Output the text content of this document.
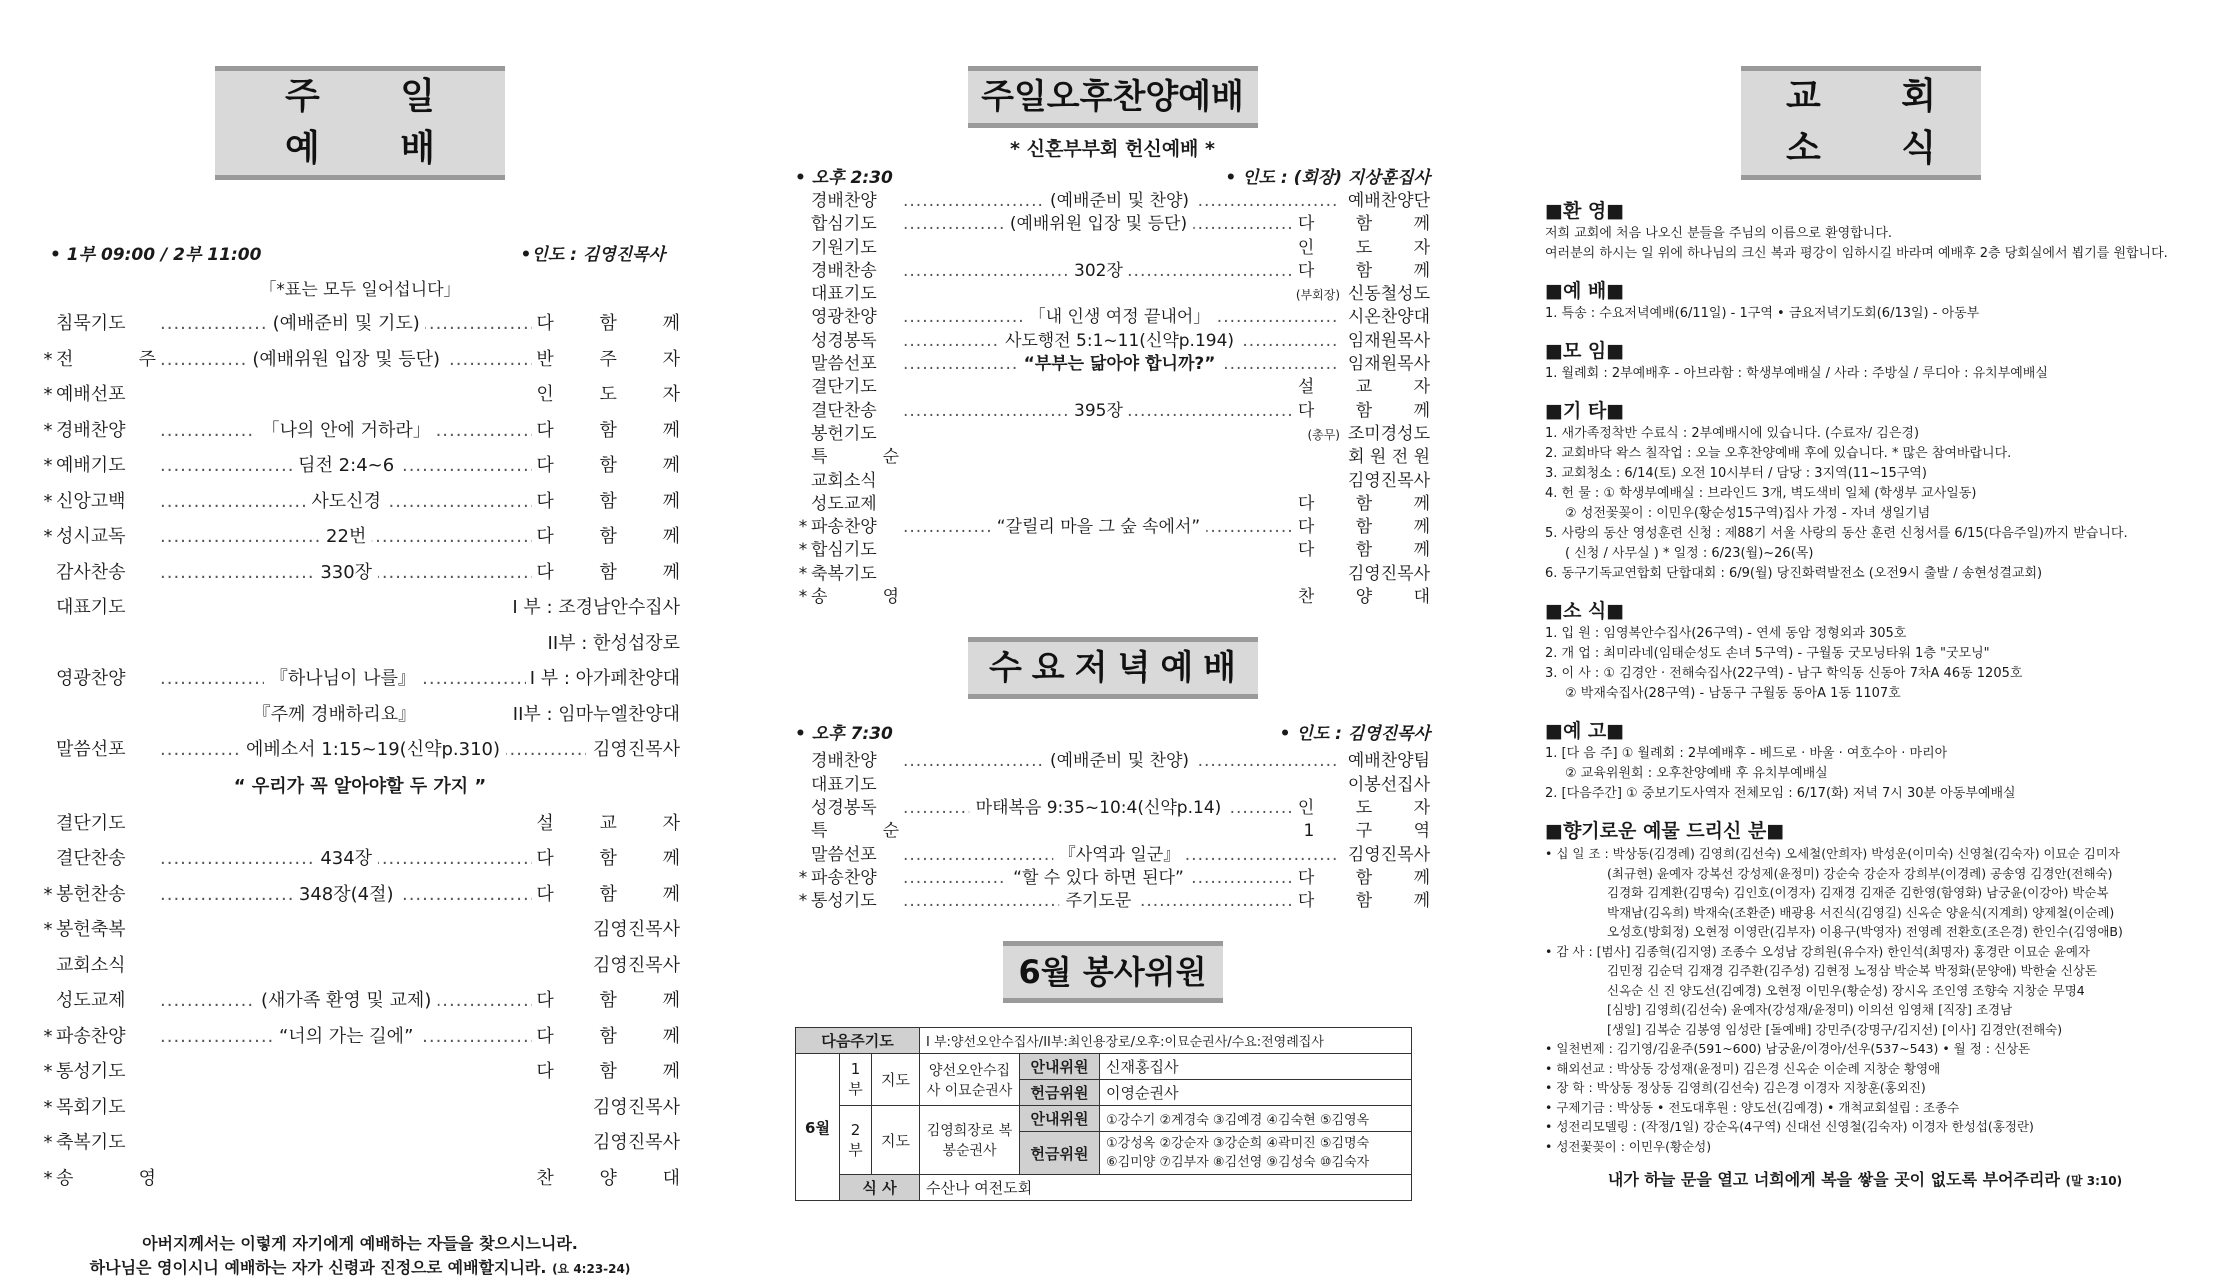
주 일 예 배
• 1부 09:00 / 2부 11:00	•인도 : 김영진목사
「*표는 모두 일어섭니다」
침묵기도	..... (예배준비 및 기도)	다 함 께
* 전 주	..... (예배위원 입장 및 등단)	반 주 자
* 예배선포	인 도 자
* 경배찬양	..... 「나의 안에 거하라」	다 함 께
* 예배기도	..... 딤전 2:4~6	다 함 께
* 신앙고백	..... 사도신경	다 함 께
* 성시교독	..... 22번	다 함 께
감사찬송	..... 330장	다 함 께
대표기도	I 부 : 조경남안수집사
II부 : 한성섭장로
영광찬양	..... 『하나님이 나를』	I 부 : 아가페찬양대
『주께 경배하리요』	II부 : 임마누엘찬양대
말씀선포	..... 에베소서 1:15~19(신약p.310)	김영진목사
“ 우리가 꼭 알아야할 두 가지 ”
결단기도	설 교 자
결단찬송	..... 434장	다 함 께
* 봉헌찬송	..... 348장(4절)	다 함 께
* 봉헌축복	김영진목사
교회소식	김영진목사
성도교제	..... (새가족 환영 및 교제)	다 함 께
* 파송찬양	..... “너의 가는 길에”	다 함 께
* 통성기도	다 함 께
* 목회기도	김영진목사
* 축복기도	김영진목사
* 송 영	찬 양 대
아버지께서는 이렇게 자기에게 예배하는 자들을 찾으시느니라.
하나님은 영이시니 예배하는 자가 신령과 진정으로 예배할지니라. (요 4:23-24)
주일오후찬양예배
* 신혼부부회 헌신예배 *
• 오후 2:30	• 인도 : (회장) 지상훈집사
경배찬양	..... (예배준비 및 찬양)	예배찬양단
합심기도	..... (예배위원 입장 및 등단)	다 함 께
기원기도	인 도 자
경배찬송	..... 302장	다 함 께
대표기도	(부회장) 신동철성도
영광찬양	..... 「내 인생 여정 끝내어」	시온찬양대
성경봉독	..... 사도행전 5:1~11(신약p.194)	임재원목사
말씀선포	..... “부부는 닮아야 합니까?”	임재원목사
결단기도	설 교 자
결단찬송	..... 395장	다 함 께
봉헌기도	(총무) 조미경성도
특 순	회 원 전 원
교회소식	김영진목사
성도교제	다 함 께
* 파송찬양	..... “갈릴리 마을 그 숲 속에서”	다 함 께
* 합심기도	다 함 께
* 축복기도	김영진목사
* 송 영	찬 양 대
수요저녁예배
• 오후 7:30	• 인도 : 김영진목사
경배찬양	..... (예배준비 및 찬양)	예배찬양팀
대표기도	이봉선집사
성경봉독	..... 마태복음 9:35~10:4(신약p.14)	인 도 자
특 순	1 구 역
말씀선포	..... 『사역과 일군』	김영진목사
* 파송찬양	..... “할 수 있다 하면 된다”	다 함 께
* 통성기도	..... 주기도문	다 함 께
6월 봉사위원
다음주기도			I 부:양선오안수집사/II부:최인용장로/오후:이묘순권사/수요:전영례집사		
6월	1부	지도	양선오안수집사 이묘순권사	안내위원	신재홍집사
				헌금위원	이영순권사
	2부	지도	김영희장로 복봉순권사	안내위원	①강수기 ②계경숙 ③김예경 ④김숙현 ⑤김영옥
				헌금위원	①강성옥 ②강순자 ③강순희 ④곽미진 ⑤김명숙
⑥김미양 ⑦김부자 ⑧김선영 ⑨김성숙 ⑩김숙자

	식 사		수산나 여전도회		
교 회 소 식
■환 영■
저희 교회에 처음 나오신 분들을 주님의 이름으로 환영합니다.
여러분의 하시는 일 위에 하나님의 크신 복과 평강이 임하시길 바라며 예배후 2층 당회실에서 뵙기를 원합니다.
■예 배■
1. 특송 : 수요저녁예배(6/11일) - 1구역 • 금요저녁기도회(6/13일) - 아동부
■모 임■
1. 월례회 : 2부예배후 - 아브라함 : 학생부예배실 / 사라 : 주방실 / 루디아 : 유치부예배실
■기 타■
1. 새가족정착반 수료식 : 2부예배시에 있습니다. (수료자/ 김은경)
2. 교회바닥 왁스 칠작업 : 오늘 오후찬양예배 후에 있습니다. * 많은 참여바랍니다.
3. 교회청소 : 6/14(토) 오전 10시부터 / 담당 : 3지역(11~15구역)
4. 헌 물 : ① 학생부예배실 : 브라인드 3개, 벽도색비 일체 (학생부 교사일동)
② 성전꽃꽂이 : 이민우(황순성15구역)집사 가정 - 자녀 생일기념
5. 사랑의 동산 영성훈련 신청 : 제88기 서울 사랑의 동산 훈련 신청서를 6/15(다음주일)까지 받습니다.
( 신청 / 사무실 ) * 일정 : 6/23(월)~26(목)
6. 동구기독교연합회 단합대회 : 6/9(월) 당진화력발전소 (오전9시 출발 / 송현성결교회)
■소 식■
1. 입 원 : 임영복안수집사(26구역) - 연세 동암 정형외과 305호
2. 개 업 : 최미라네(임태순성도 손녀 5구역) - 구월동 굿모닝타워 1층 "굿모닝"
3. 이 사 : ① 김경안 · 전해숙집사(22구역) - 남구 학익동 신동아 7차A 46동 1205호
② 박재숙집사(28구역) - 남동구 구월동 동아A 1동 1107호
■예 고■
1. [다 음 주] ① 월례회 : 2부예배후 - 베드로 · 바울 · 여호수아 · 마리아
② 교육위원회 : 오후찬양예배 후 유치부예배실
2. [다음주간] ① 중보기도사역자 전체모임 : 6/17(화) 저녁 7시 30분 아동부예배실
■향기로운 예물 드리신 분■
• 십 일 조 : 박상동(김경례) 김영희(김선숙) 오세철(안희자) 박성운(이미숙) 신영철(김숙자) 이묘순 김미자
(최규현) 윤예자 강복선 강성제(윤정미) 강순숙 강순자 강희부(이경례) 공송영 김경안(전해숙)
김경화 김계환(김명숙) 김인호(이경자) 김재경 김재준 김한영(함영화) 남궁윤(이강아) 박순복
박재남(김옥희) 박재숙(조환준) 배광용 서진식(김영길) 신옥순 양윤식(지계희) 양제철(이순례)
오성호(방회정) 오현정 이영란(김부자) 이용구(박영자) 전영례 전환호(조은경) 한인수(김영애B)
• 감 사 : [범사] 김종혁(김지영) 조종수 오성남 강희원(유수자) 한인석(최명자) 홍경란 이묘순 윤예자
김민정 김순덕 김재경 김주환(김주성) 김현정 노정삼 박순복 박정화(문양애) 박한술 신상돈
신옥순 신 진 양도선(김예경) 오현정 이민우(황순성) 장시옥 조인영 조향숙 지창순 무명4
[심방] 김영희(김선숙) 윤예자(강성재/윤정미) 이의선 임영채 [직장] 조경남
[생일] 김복순 김봉영 임성란 [돌예배] 강민주(강명구/김지선) [이사] 김경안(전해숙)
• 일천번제 : 김기영/김윤주(591~600) 남궁윤/이경아/선우(537~543) • 월 정 : 신상돈
• 해외선교 : 박상동 강성재(윤정미) 김은경 신옥순 이순례 지창순 황영애
• 장 학 : 박상동 정상동 김영희(김선숙) 김은경 이경자 지창훈(홍외진)
• 구제기금 : 박상동 • 전도대후원 : 양도선(김예경) • 개척교회설립 : 조종수
• 성전리모델링 : (작정/1일) 강순옥(4구역) 신대선 신영철(김숙자) 이경자 한성섭(홍정란)
• 성전꽃꽂이 : 이민우(황순성)
내가 하늘 문을 열고 너희에게 복을 쌓을 곳이 없도록 부어주리라 (말 3:10)
